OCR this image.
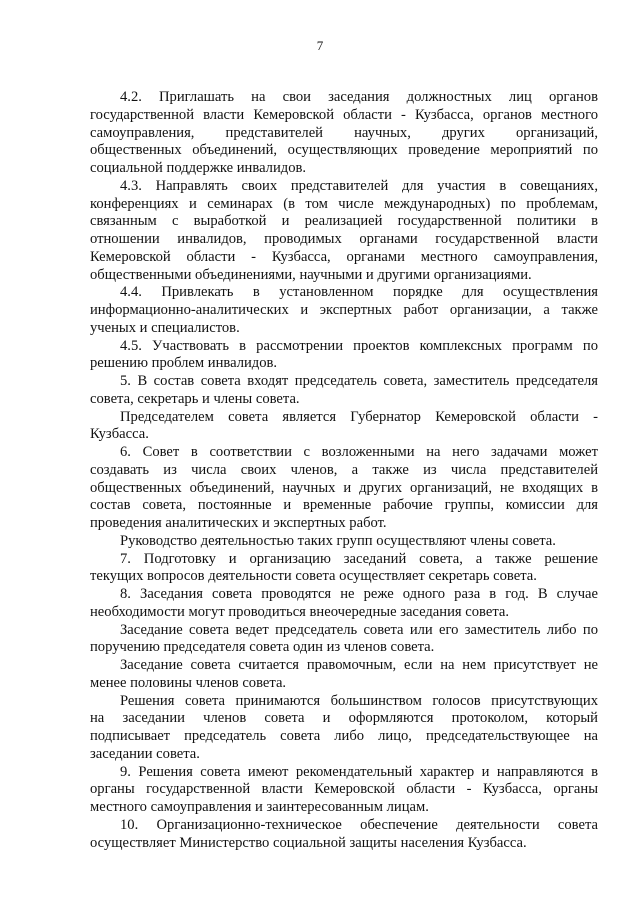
7
4.2. Приглашать на свои заседания должностных лиц органов
государственной власти Кемеровской области - Кузбасса, органов местного
самоуправления, представителей научных, других организаций,
общественных объединений, осуществляющих проведение мероприятий по
социальной поддержке инвалидов.
4.3. Направлять своих представителей для участия в совещаниях,
конференциях и семинарах (в том числе международных) по проблемам,
связанным с выработкой и реализацией государственной политики в
отношении инвалидов, проводимых органами государственной власти
Кемеровской области - Кузбасса, органами местного самоуправления,
общественными объединениями, научными и другими организациями.
4.4. Привлекать в установленном порядке для осуществления
информационно-аналитических и экспертных работ организации, а также
ученых и специалистов.
4.5. Участвовать в рассмотрении проектов комплексных программ по
решению проблем инвалидов.
5. В состав совета входят председатель совета, заместитель председателя
совета, секретарь и члены совета.
Председателем совета является Губернатор Кемеровской области -
Кузбасса.
6. Совет в соответствии с возложенными на него задачами может
создавать из числа своих членов, а также из числа представителей
общественных объединений, научных и других организаций, не входящих в
состав совета, постоянные и временные рабочие группы, комиссии для
проведения аналитических и экспертных работ.
Руководство деятельностью таких групп осуществляют члены совета.
7. Подготовку и организацию заседаний совета, а также решение
текущих вопросов деятельности совета осуществляет секретарь совета.
8. Заседания совета проводятся не реже одного раза в год. В случае
необходимости могут проводиться внеочередные заседания совета.
Заседание совета ведет председатель совета или его заместитель либо по
поручению председателя совета один из членов совета.
Заседание совета считается правомочным, если на нем присутствует не
менее половины членов совета.
Решения совета принимаются большинством голосов присутствующих
на заседании членов совета и оформляются протоколом, который
подписывает председатель совета либо лицо, председательствующее на
заседании совета.
9. Решения совета имеют рекомендательный характер и направляются в
органы государственной власти Кемеровской области - Кузбасса, органы
местного самоуправления и заинтересованным лицам.
10. Организационно-техническое обеспечение деятельности совета
осуществляет Министерство социальной защиты населения Кузбасса.
